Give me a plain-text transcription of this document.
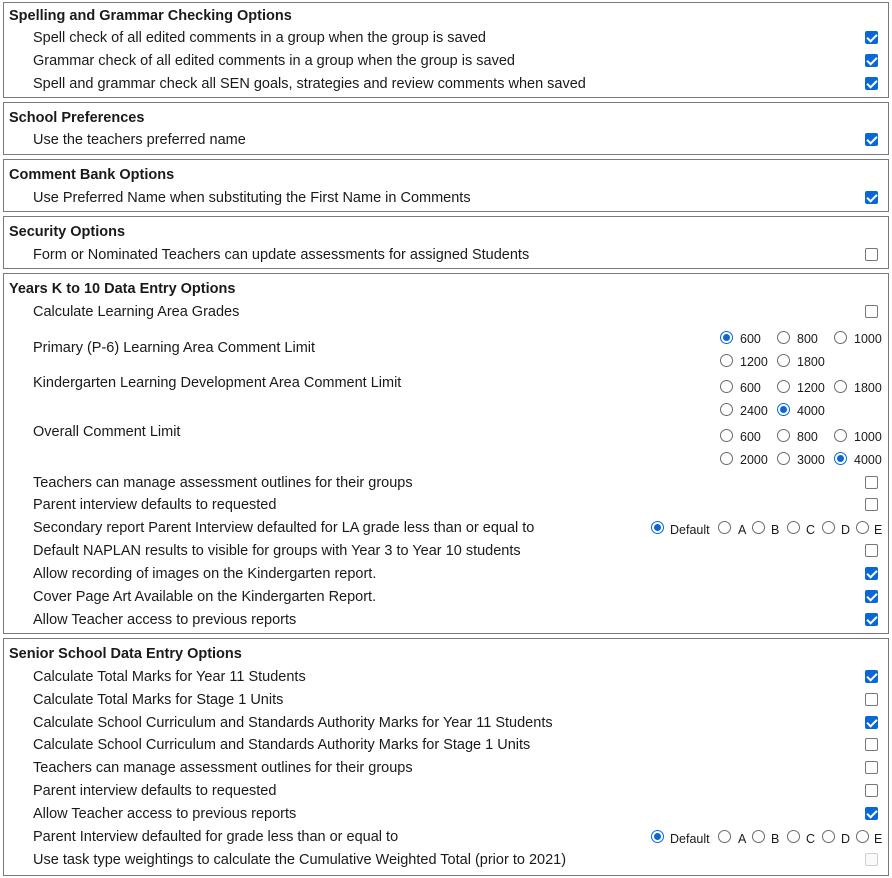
Spelling and Grammar Checking Options
Spell check of all edited comments in a group when the group is saved
Grammar check of all edited comments in a group when the group is saved
Spell and grammar check all SEN goals, strategies and review comments when saved
School Preferences
Use the teachers preferred name
Comment Bank Options
Use Preferred Name when substituting the First Name in Comments
Security Options
Form or Nominated Teachers can update assessments for assigned Students
Years K to 10 Data Entry Options
Calculate Learning Area Grades
Primary (P-6) Learning Area Comment Limit
600	800	1000
1200 1800
Kindergarten Learning Development Area Comment Limit	600	1200 1800
2400 4000
Overall Comment Limit	600	800	1000
2000 3000 4000
Teachers can manage assessment outlines for their groups
Parent interview defaults to requested
Secondary report Parent Interview defaulted for LA grade less than or equal to	Default A B C D E
Default NAPLAN results to visible for groups with Year 3 to Year 10 students
Allow recording of images on the Kindergarten report.
Cover Page Art Available on the Kindergarten Report.
Allow Teacher access to previous reports
Senior School Data Entry Options
Calculate Total Marks for Year 11 Students
Calculate Total Marks for Stage 1 Units
Calculate School Curriculum and Standards Authority Marks for Year 11 Students
Calculate School Curriculum and Standards Authority Marks for Stage 1 Units
Teachers can manage assessment outlines for their groups
Parent interview defaults to requested
Allow Teacher access to previous reports
Parent Interview defaulted for grade less than or equal to	Default A B C D E
Use task type weightings to calculate the Cumulative Weighted Total (prior to 2021)
